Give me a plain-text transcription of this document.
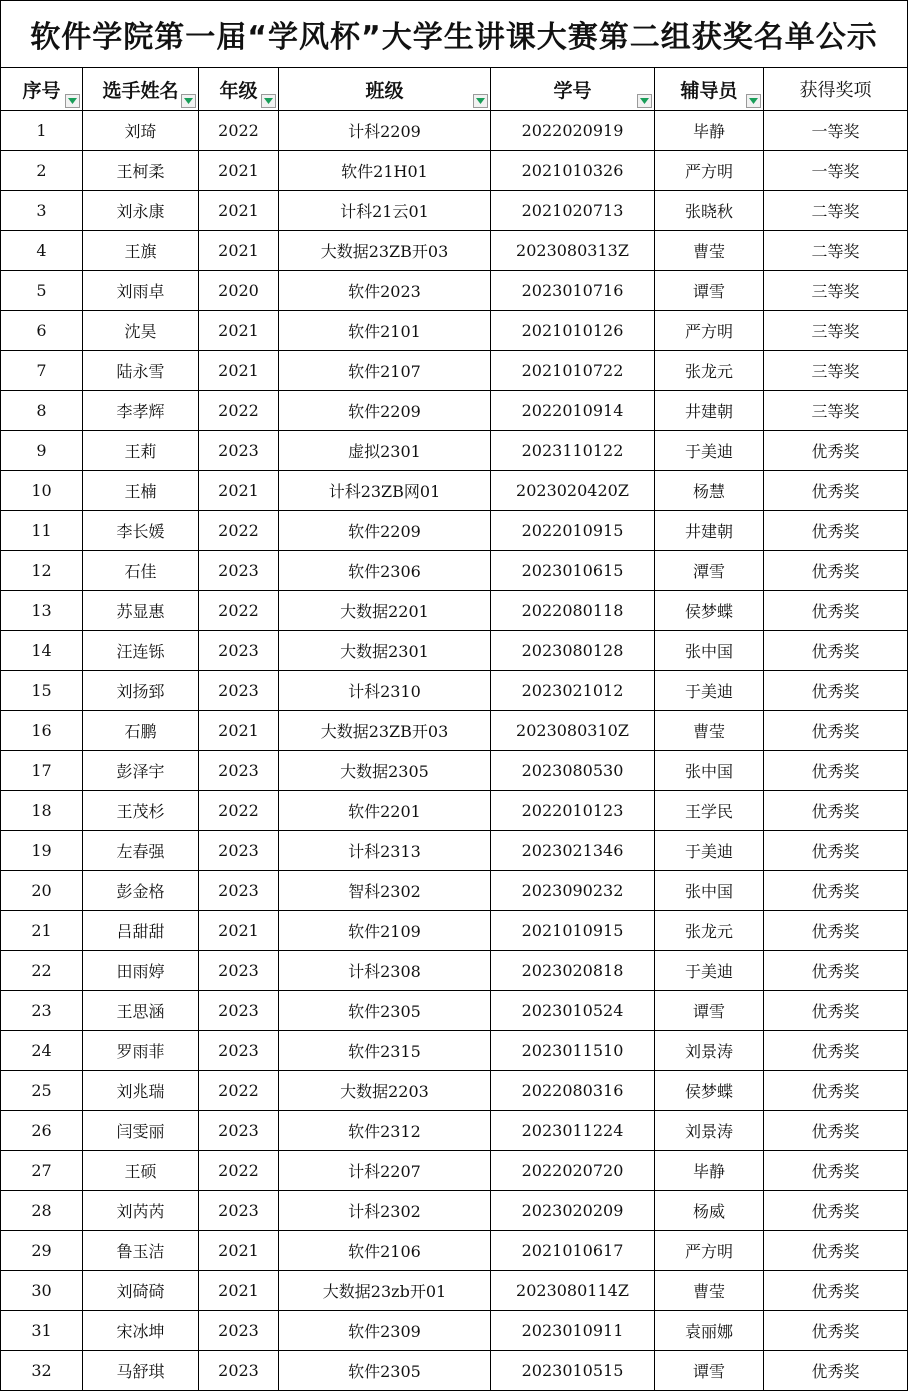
软件学院第一届“学风杯”大学生讲课大赛第二组获奖名单公示
序号	选手姓名	年级	班级	学号	辅导员	获得奖项
1	刘琦	2022	计科2209	2022020919	毕静	一等奖
2	王柯柔	2021	软件21H01	2021010326	严方明	一等奖
3	刘永康	2021	计科21云01	2021020713	张晓秋	二等奖
4	王旗	2021	大数据23ZB开03	2023080313Z	曹莹	二等奖
5	刘雨卓	2020	软件2023	2023010716	谭雪	三等奖
6	沈昊	2021	软件2101	2021010126	严方明	三等奖
7	陆永雪	2021	软件2107	2021010722	张龙元	三等奖
8	李孝辉	2022	软件2209	2022010914	井建朝	三等奖
9	王莉	2023	虚拟2301	2023110122	于美迪	优秀奖
10	王楠	2021	计科23ZB网01	2023020420Z	杨慧	优秀奖
11	李长媛	2022	软件2209	2022010915	井建朝	优秀奖
12	石佳	2023	软件2306	2023010615	潭雪	优秀奖
13	苏显惠	2022	大数据2201	2022080118	侯梦蝶	优秀奖
14	汪连铄	2023	大数据2301	2023080128	张中国	优秀奖
15	刘扬郅	2023	计科2310	2023021012	于美迪	优秀奖
16	石鹏	2021	大数据23ZB开03	2023080310Z	曹莹	优秀奖
17	彭泽宇	2023	大数据2305	2023080530	张中国	优秀奖
18	王茂杉	2022	软件2201	2022010123	王学民	优秀奖
19	左春强	2023	计科2313	2023021346	于美迪	优秀奖
20	彭金格	2023	智科2302	2023090232	张中国	优秀奖
21	吕甜甜	2021	软件2109	2021010915	张龙元	优秀奖
22	田雨婷	2023	计科2308	2023020818	于美迪	优秀奖
23	王思涵	2023	软件2305	2023010524	谭雪	优秀奖
24	罗雨菲	2023	软件2315	2023011510	刘景涛	优秀奖
25	刘兆瑞	2022	大数据2203	2022080316	侯梦蝶	优秀奖
26	闫雯丽	2023	软件2312	2023011224	刘景涛	优秀奖
27	王硕	2022	计科2207	2022020720	毕静	优秀奖
28	刘芮芮	2023	计科2302	2023020209	杨威	优秀奖
29	鲁玉洁	2021	软件2106	2021010617	严方明	优秀奖
30	刘碕碕	2021	大数据23zb开01	2023080114Z	曹莹	优秀奖
31	宋冰坤	2023	软件2309	2023010911	袁丽娜	优秀奖
32	马舒琪	2023	软件2305	2023010515	谭雪	优秀奖
